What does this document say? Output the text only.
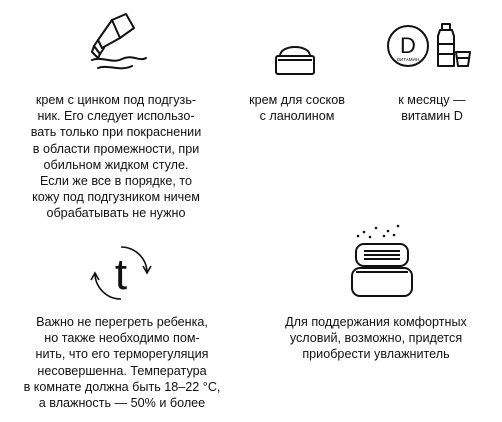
D
ВИТАМИН
t
крем с цинком под подгузь-
ник. Его следует использо-
вать только при покраснении
в области промежности, при
обильном жидком стуле.
Если же все в порядке, то
кожу под подгузником ничем
обрабатывать не нужно
крем для сосков
с ланолином
к месяцу —
витамин D
Важно не перегреть ребенка,
но также необходимо пом-
нить, что его терморегуляция
несовершенна. Температура
в комнате должна быть 18–22 °С,
а влажность — 50% и более
Для поддержания комфортных
условий, возможно, придется
приобрести увлажнитель
